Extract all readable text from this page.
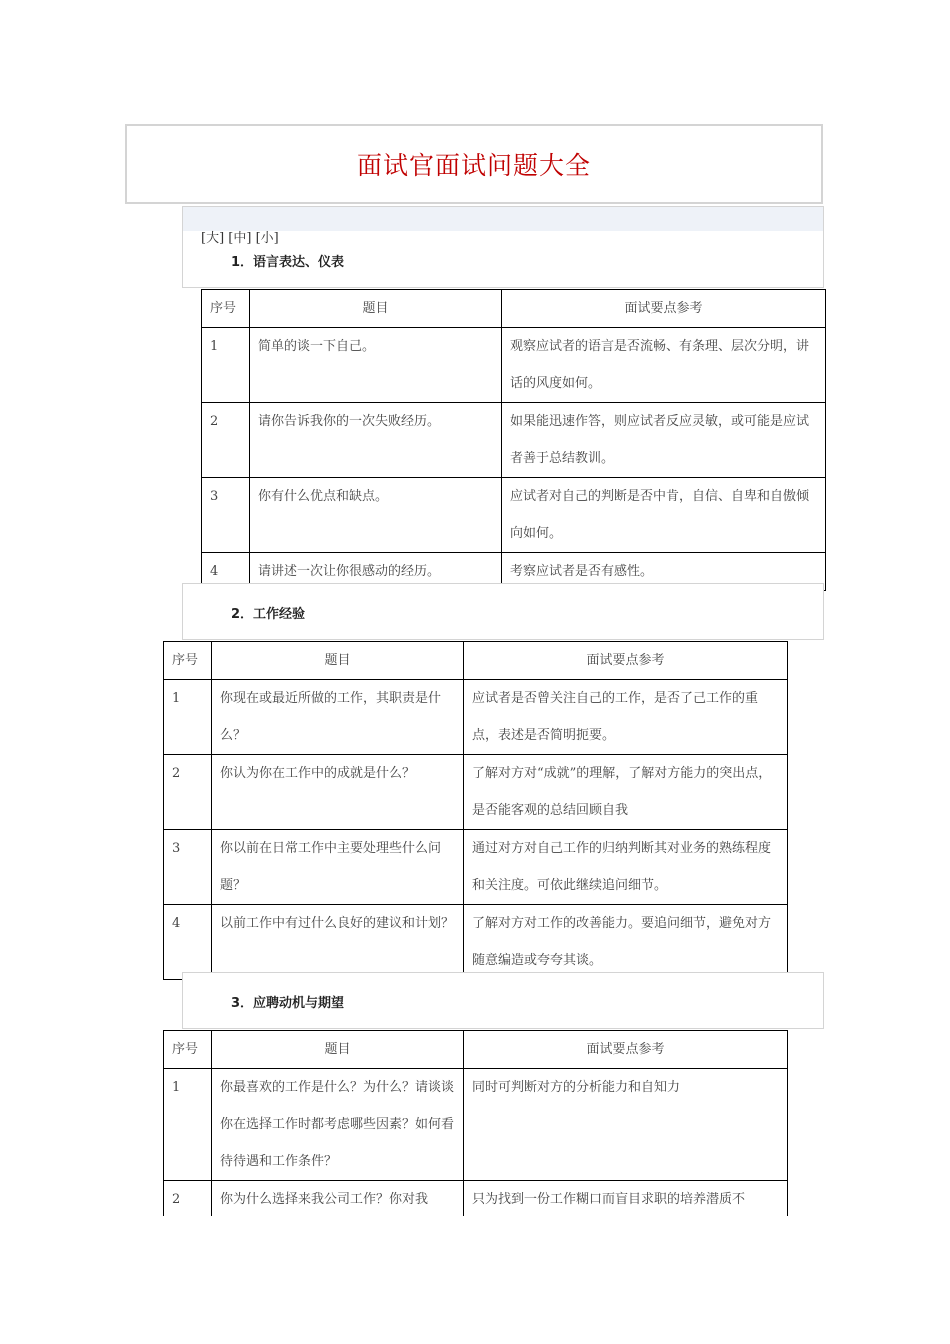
面试官面试问题大全
[大] [中] [小]
1．语言表达、仪表
序号	题目	面试要点参考
1	简单的谈一下自己。	观察应试者的语言是否流畅、有条理、层次分明，讲话的风度如何。
2	请你告诉我你的一次失败经历。	如果能迅速作答，则应试者反应灵敏，或可能是应试者善于总结教训。
3	你有什么优点和缺点。	应试者对自己的判断是否中肯，自信、自卑和自傲倾向如何。
4	请讲述一次让你很感动的经历。	考察应试者是否有感性。
2．工作经验
序号	题目	面试要点参考
1	你现在或最近所做的工作，其职责是什么？	应试者是否曾关注自己的工作，是否了己工作的重点，表述是否简明扼要。
2	你认为你在工作中的成就是什么？	了解对方对“成就”的理解，了解对方能力的突出点，是否能客观的总结回顾自我
3	你以前在日常工作中主要处理些什么问题？	通过对方对自己工作的归纳判断其对业务的熟练程度和关注度。可依此继续追问细节。
4	以前工作中有过什么良好的建议和计划？	了解对方对工作的改善能力。要追问细节，避免对方随意编造或夸夸其谈。
3．应聘动机与期望
序号	题目	面试要点参考
1	你最喜欢的工作是什么？为什么？请谈谈你在选择工作时都考虑哪些因素？如何看待待遇和工作条件？	同时可判断对方的分析能力和自知力
2	你为什么选择来我公司工作？你对我	只为找到一份工作糊口而盲目求职的培养潜质不
